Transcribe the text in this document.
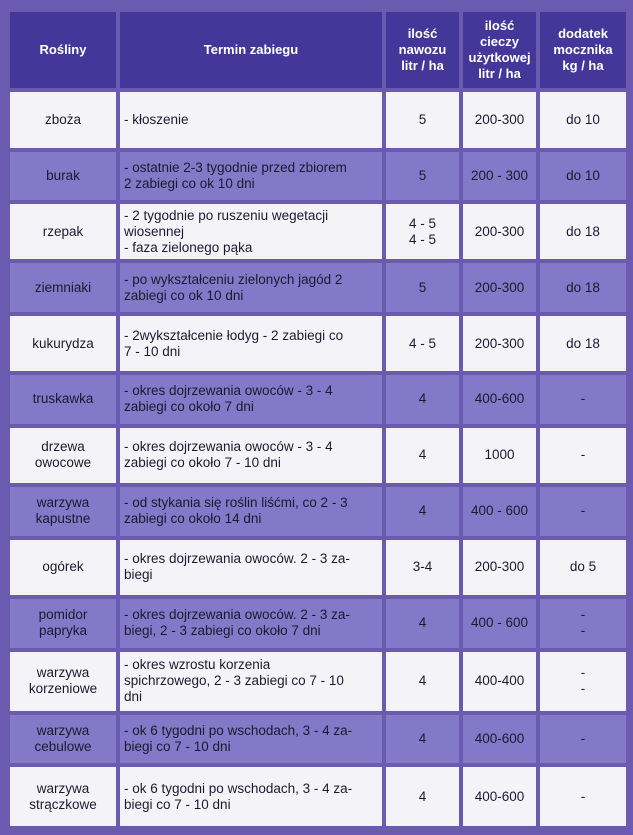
Rośliny	Termin zabiegu	ilość
nawozu
litr / ha	ilość
cieczy
użytkowej
litr / ha	dodatek
mocznika
kg / ha

zboża	- kłoszenie	5	200-300	do 10

burak	- ostatnie 2-3 tygodnie przed zbiorem
2 zabiegi co ok 10 dni	5	200 - 300	do 10

rzepak	- 2 tygodnie po ruszeniu wegetacji
wiosennej
- faza zielonego pąka	4 - 5
4 - 5	200-300	do 18

ziemniaki	- po wykształceniu zielonych jagód 2
zabiegi co ok 10 dni	5	200-300	do 18

kukurydza	- 2wykształcenie łodyg - 2 zabiegi co
7 - 10 dni	4 - 5	200-300	do 18

truskawka	- okres dojrzewania owoców - 3 - 4
zabiegi co około 7 dni	4	400-600	-

drzewa
owocowe	- okres dojrzewania owoców - 3 - 4
zabiegi co około 7 - 10 dni	4	1000	-

warzywa
kapustne	- od stykania się roślin liśćmi, co 2 - 3
zabiegi co około 14 dni	4	400 - 600	-

ogórek	- okres dojrzewania owoców. 2 - 3 za-
biegi	3-4	200-300	do 5

pomidor
papryka	- okres dojrzewania owoców. 2 - 3 za-
biegi, 2 - 3 zabiegi co około 7 dni	4	400 - 600	-
-

warzywa
korzeniowe	- okres wzrostu korzenia
spichrzowego, 2 - 3 zabiegi co 7 - 10
dni	4	400-400	-
-

warzywa
cebulowe	- ok 6 tygodni po wschodach, 3 - 4 za-
biegi co 7 - 10 dni	4	400-600	-

warzywa
strączkowe	- ok 6 tygodni po wschodach, 3 - 4 za-
biegi co 7 - 10 dni	4	400-600	-
